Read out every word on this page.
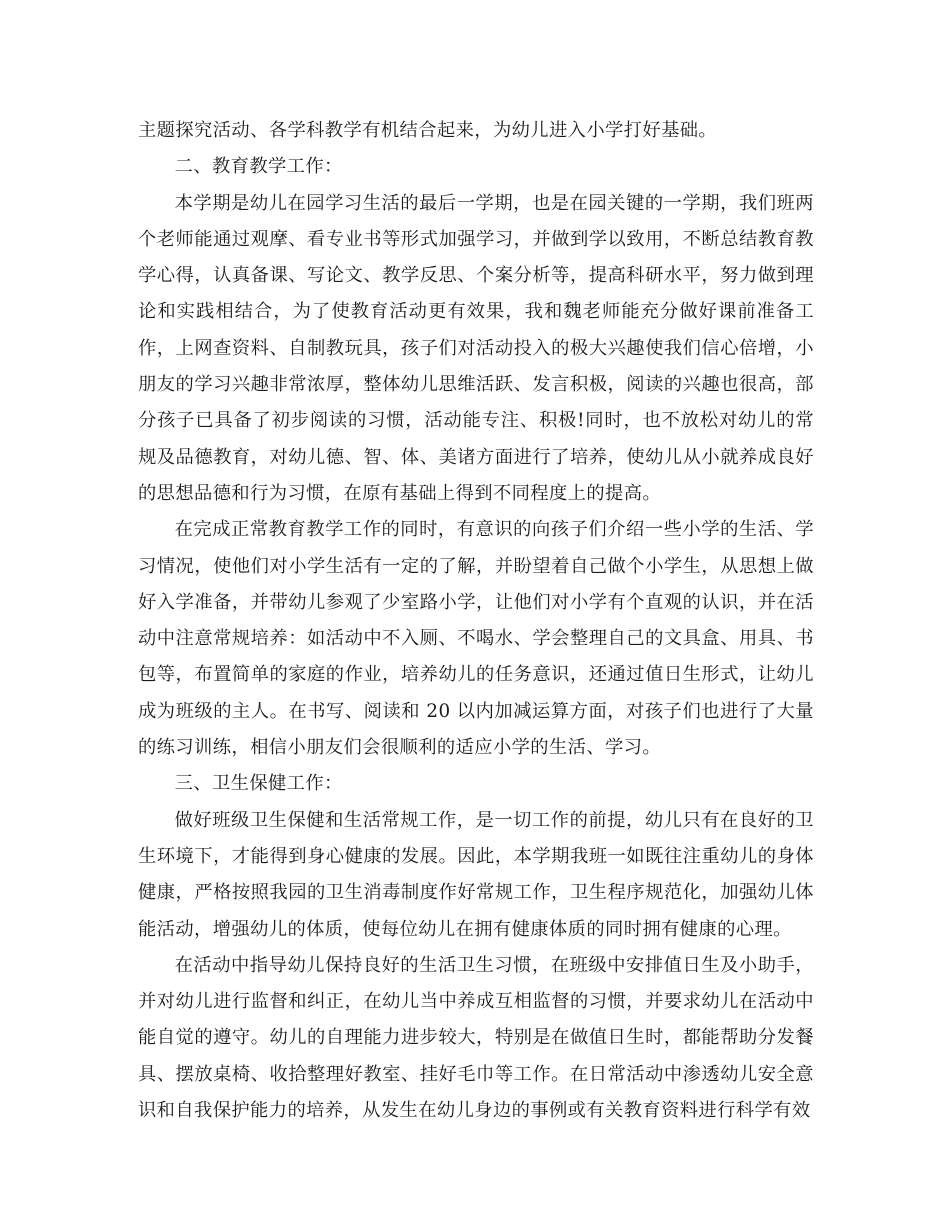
主题探究活动、各学科教学有机结合起来，为幼儿进入小学打好基础。

二、教育教学工作：

本学期是幼儿在园学习生活的最后一学期，也是在园关键的一学期，我们班两个老师能通过观摩、看专业书等形式加强学习，并做到学以致用，不断总结教育教学心得，认真备课、写论文、教学反思、个案分析等，提高科研水平，努力做到理论和实践相结合，为了使教育活动更有效果，我和魏老师能充分做好课前准备工作，上网查资料、自制教玩具，孩子们对活动投入的极大兴趣使我们信心倍增，小朋友的学习兴趣非常浓厚，整体幼儿思维活跃、发言积极，阅读的兴趣也很高，部分孩子已具备了初步阅读的习惯，活动能专注、积极!同时，也不放松对幼儿的常规及品德教育，对幼儿德、智、体、美诸方面进行了培养，使幼儿从小就养成良好的思想品德和行为习惯，在原有基础上得到不同程度上的提高。

在完成正常教育教学工作的同时，有意识的向孩子们介绍一些小学的生活、学习情况，使他们对小学生活有一定的了解，并盼望着自己做个小学生，从思想上做好入学准备，并带幼儿参观了少室路小学，让他们对小学有个直观的认识，并在活动中注意常规培养：如活动中不入厕、不喝水、学会整理自己的文具盒、用具、书包等，布置简单的家庭的作业，培养幼儿的任务意识，还通过值日生形式，让幼儿成为班级的主人。在书写、阅读和 20 以内加减运算方面，对孩子们也进行了大量的练习训练，相信小朋友们会很顺利的适应小学的生活、学习。

三、卫生保健工作：

做好班级卫生保健和生活常规工作，是一切工作的前提，幼儿只有在良好的卫生环境下，才能得到身心健康的发展。因此，本学期我班一如既往注重幼儿的身体健康，严格按照我园的卫生消毒制度作好常规工作，卫生程序规范化，加强幼儿体能活动，增强幼儿的体质，使每位幼儿在拥有健康体质的同时拥有健康的心理。

在活动中指导幼儿保持良好的生活卫生习惯，在班级中安排值日生及小助手，并对幼儿进行监督和纠正，在幼儿当中养成互相监督的习惯，并要求幼儿在活动中能自觉的遵守。幼儿的自理能力进步较大，特别是在做值日生时，都能帮助分发餐具、摆放桌椅、收拾整理好教室、挂好毛巾等工作。在日常活动中渗透幼儿安全意识和自我保护能力的培养，从发生在幼儿身边的事例或有关教育资料进行科学有效
